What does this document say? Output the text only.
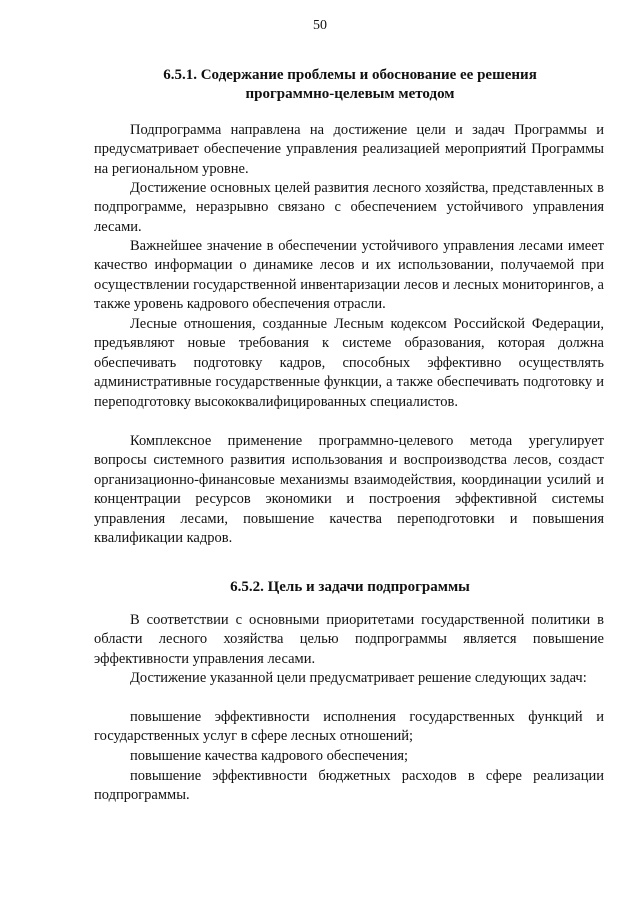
50
6.5.1. Содержание проблемы и обоснование ее решения
программно-целевым методом

Подпрограмма направлена на достижение цели и задач Программы и предусматривает обеспечение управления реализацией мероприятий Программы на региональном уровне.

Достижение основных целей развития лесного хозяйства, представленных в подпрограмме, неразрывно связано с обеспечением устойчивого управления лесами.

Важнейшее значение в обеспечении устойчивого управления лесами имеет качество информации о динамике лесов и их использовании, получаемой при осуществлении государственной инвентаризации лесов и лесных мониторингов, а также уровень кадрового обеспечения отрасли.

Лесные отношения, созданные Лесным кодексом Российской Федерации, предъявляют новые требования к системе образования, которая должна обеспечивать подготовку кадров, способных эффективно осуществлять административные государственные функции, а также обеспечивать подготовку и переподготовку высококвалифицированных специалистов.

Комплексное применение программно-целевого метода урегулирует вопросы системного развития использования и воспроизводства лесов, создаст организационно-финансовые механизмы взаимодействия, координации усилий и концентрации ресурсов экономики и построения эффективной системы управления лесами, повышение качества переподготовки и повышения квалификации кадров.

6.5.2. Цель и задачи подпрограммы

В соответствии с основными приоритетами государственной политики в области лесного хозяйства целью подпрограммы является повышение эффективности управления лесами.

Достижение указанной цели предусматривает решение следующих задач:

повышение эффективности исполнения государственных функций и государственных услуг в сфере лесных отношений;

повышение качества кадрового обеспечения;

повышение эффективности бюджетных расходов в сфере реализации подпрограммы.
